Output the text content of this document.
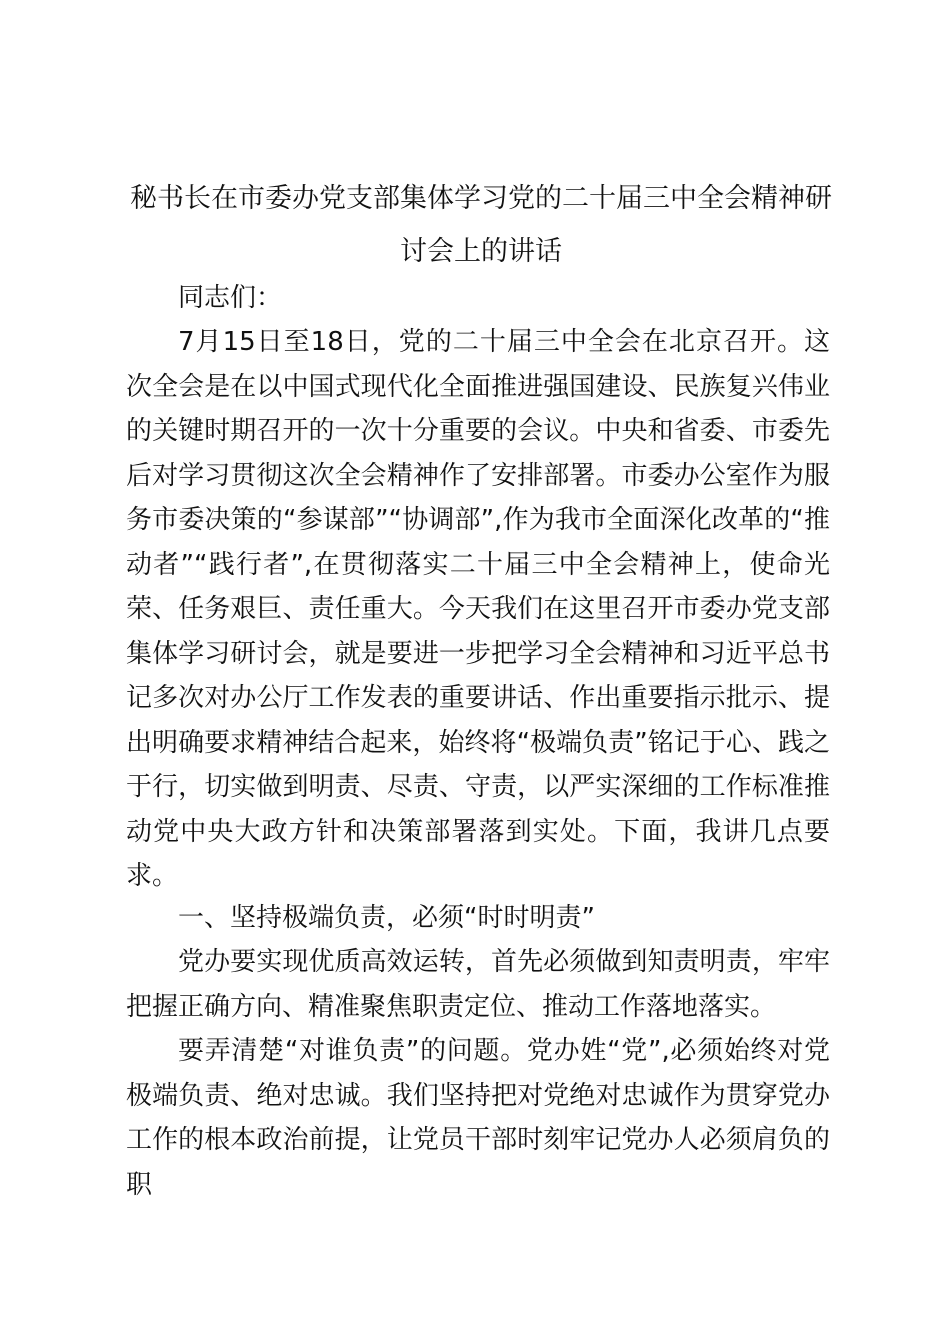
秘书长在市委办党支部集体学习党的二十届三中全会精神研讨会上的讲话

同志们：

7月15日至18日，党的二十届三中全会在北京召开。这次全会是在以中国式现代化全面推进强国建设、民族复兴伟业的关键时期召开的一次十分重要的会议。中央和省委、市委先后对学习贯彻这次全会精神作了安排部署。市委办公室作为服务市委决策的“参谋部”“协调部”,作为我市全面深化改革的“推动者”“践行者”,在贯彻落实二十届三中全会精神上，使命光荣、任务艰巨、责任重大。今天我们在这里召开市委办党支部集体学习研讨会，就是要进一步把学习全会精神和习近平总书记多次对办公厅工作发表的重要讲话、作出重要指示批示、提出明确要求精神结合起来，始终将“极端负责”铭记于心、践之于行，切实做到明责、尽责、守责，以严实深细的工作标准推动党中央大政方针和决策部署落到实处。下面，我讲几点要求。

一、坚持极端负责，必须“时时明责”

党办要实现优质高效运转，首先必须做到知责明责，牢牢把握正确方向、精准聚焦职责定位、推动工作落地落实。

要弄清楚“对谁负责”的问题。党办姓“党”,必须始终对党极端负责、绝对忠诚。我们坚持把对党绝对忠诚作为贯穿党办工作的根本政治前提，让党员干部时刻牢记党办人必须肩负的职
